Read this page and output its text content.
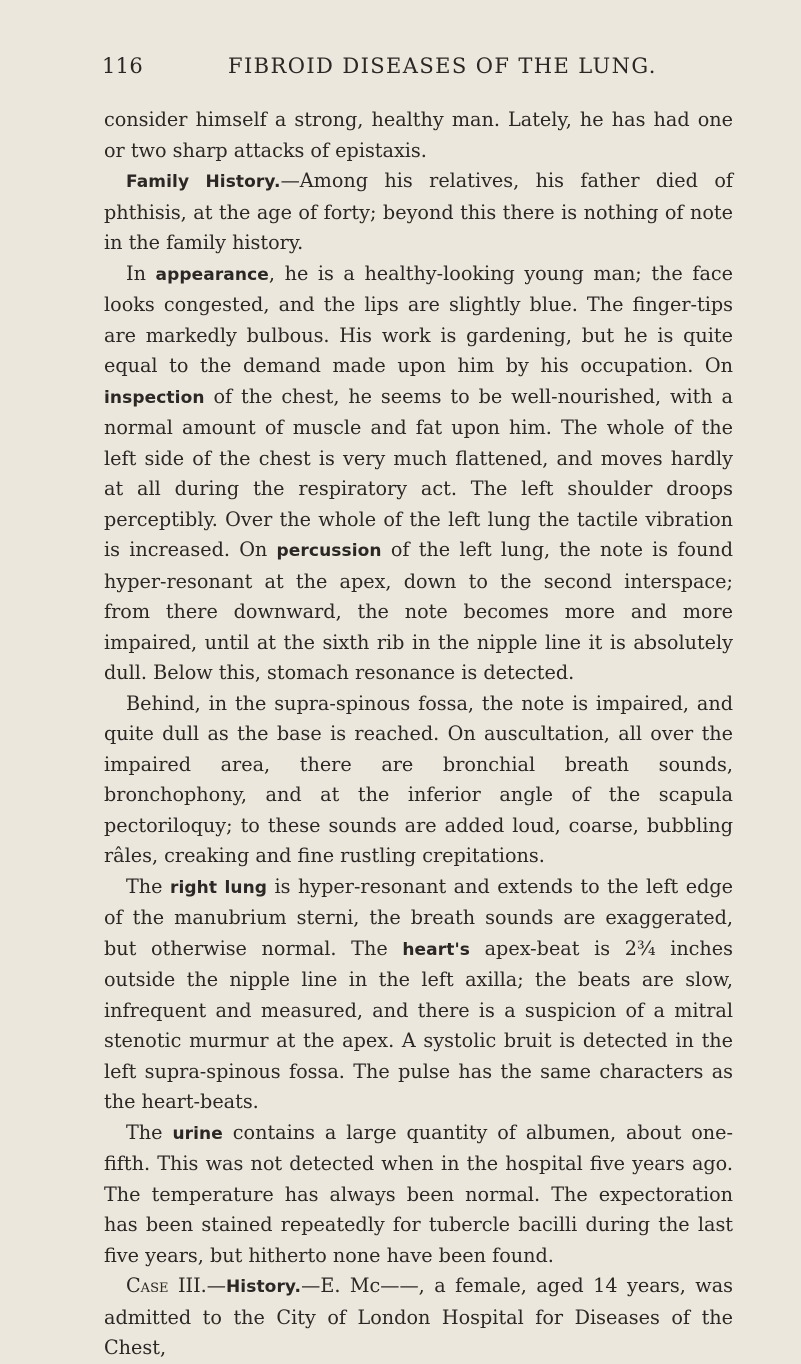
116	FIBROID DISEASES OF THE LUNG.

consider himself a strong, healthy man. Lately, he has had one or two sharp attacks of epistaxis.

Family History.—Among his relatives, his father died of phthisis, at the age of forty; beyond this there is nothing of note in the family history.

In appearance, he is a healthy-looking young man; the face looks congested, and the lips are slightly blue. The finger-tips are markedly bulbous. His work is gardening, but he is quite equal to the demand made upon him by his occupation. On inspection of the chest, he seems to be well-nourished, with a normal amount of muscle and fat upon him. The whole of the left side of the chest is very much flattened, and moves hardly at all during the respiratory act. The left shoulder droops perceptibly. Over the whole of the left lung the tactile vibration is increased. On percussion of the left lung, the note is found hyper-resonant at the apex, down to the second interspace; from there downward, the note becomes more and more impaired, until at the sixth rib in the nipple line it is absolutely dull. Below this, stomach resonance is detected.

Behind, in the supra-spinous fossa, the note is impaired, and quite dull as the base is reached. On auscultation, all over the impaired area, there are bronchial breath sounds, bronchophony, and at the inferior angle of the scapula pectoriloquy; to these sounds are added loud, coarse, bubbling râles, creaking and fine rustling crepitations.

The right lung is hyper-resonant and extends to the left edge of the manubrium sterni, the breath sounds are exaggerated, but otherwise normal. The heart's apex-beat is 2¾ inches outside the nipple line in the left axilla; the beats are slow, infrequent and measured, and there is a suspicion of a mitral stenotic murmur at the apex. A systolic bruit is detected in the left supra-spinous fossa. The pulse has the same characters as the heart-beats.

The urine contains a large quantity of albumen, about one-fifth. This was not detected when in the hospital five years ago. The temperature has always been normal. The expectoration has been stained repeatedly for tubercle bacilli during the last five years, but hitherto none have been found.

Case III.—History.—E. Mc——, a female, aged 14 years, was admitted to the City of London Hospital for Diseases of the Chest,
